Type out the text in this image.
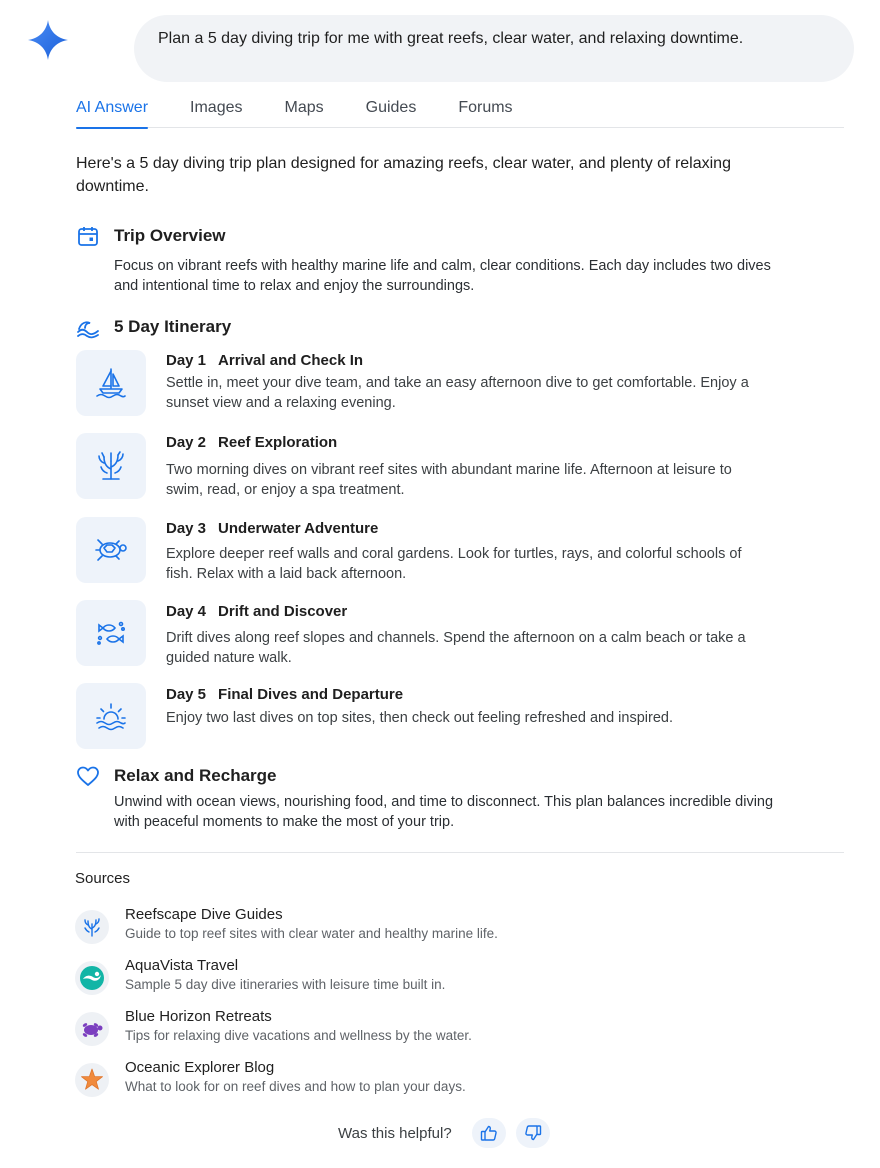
Plan a 5 day diving trip for me with great reefs, clear water, and relaxing downtime.
AI Answer	Images	Maps	Guides	Forums
Here's a 5 day diving trip plan designed for amazing reefs, clear water, and plenty of relaxing downtime.
Trip Overview
Focus on vibrant reefs with healthy marine life and calm, clear conditions. Each day includes two dives and intentional time to relax and enjoy the surroundings.
5 Day Itinerary
Day 1 Arrival and Check In
Settle in, meet your dive team, and take an easy afternoon dive to get comfortable. Enjoy a sunset view and a relaxing evening.
Day 2 Reef Exploration
Two morning dives on vibrant reef sites with abundant marine life. Afternoon at leisure to swim, read, or enjoy a spa treatment.
Day 3 Underwater Adventure
Explore deeper reef walls and coral gardens. Look for turtles, rays, and colorful schools of fish. Relax with a laid back afternoon.
Day 4 Drift and Discover
Drift dives along reef slopes and channels. Spend the afternoon on a calm beach or take a guided nature walk.
Day 5 Final Dives and Departure
Enjoy two last dives on top sites, then check out feeling refreshed and inspired.
Relax and Recharge
Unwind with ocean views, nourishing food, and time to disconnect. This plan balances incredible diving with peaceful moments to make the most of your trip.
Sources
Reefscape Dive Guides
Guide to top reef sites with clear water and healthy marine life.
AquaVista Travel
Sample 5 day dive itineraries with leisure time built in.
Blue Horizon Retreats
Tips for relaxing dive vacations and wellness by the water.
Oceanic Explorer Blog
What to look for on reef dives and how to plan your days.
Was this helpful?
